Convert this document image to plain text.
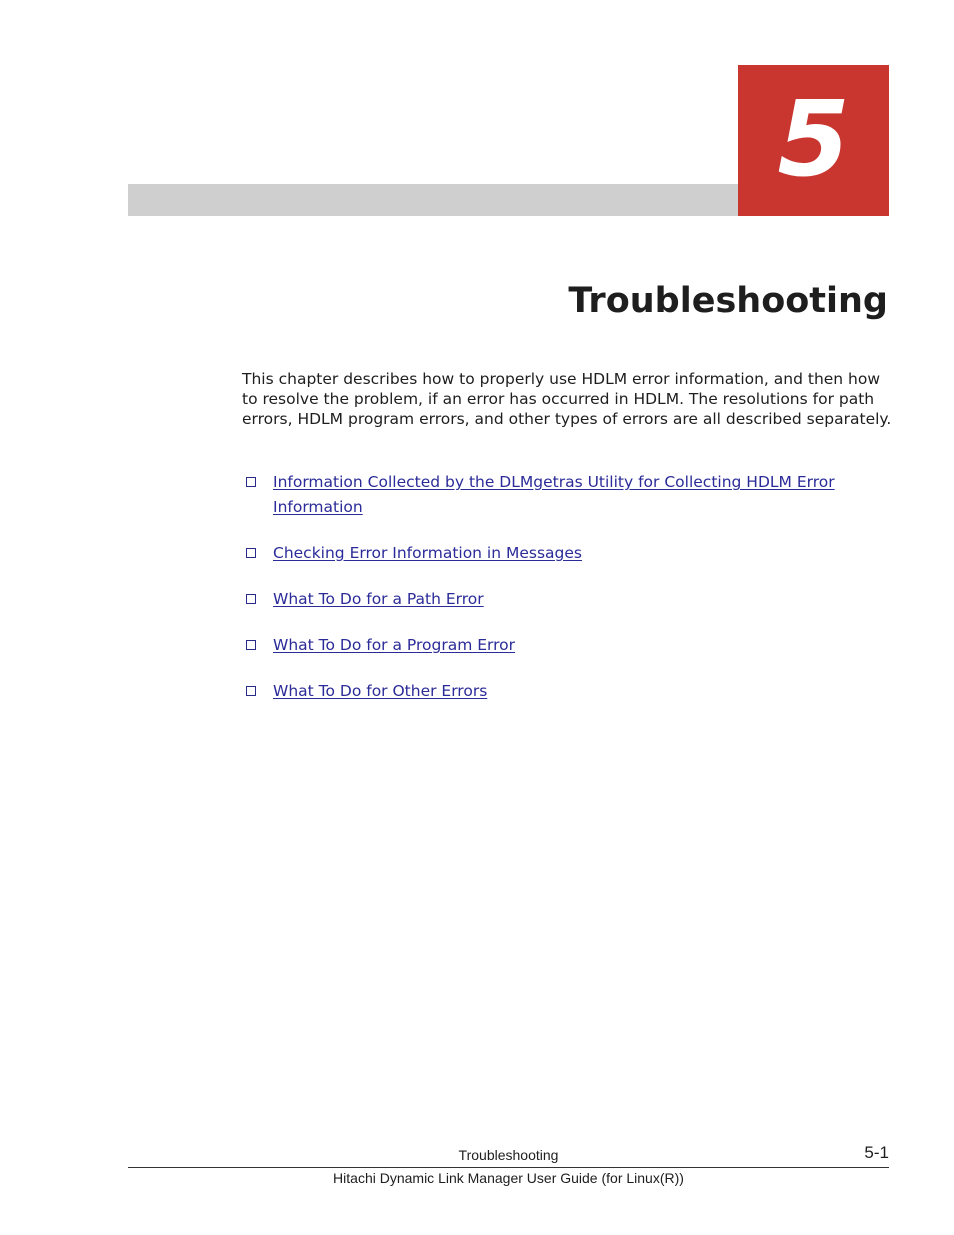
5
Troubleshooting

This chapter describes how to properly use HDLM error information, and then how to resolve the problem, if an error has occurred in HDLM. The resolutions for path errors, HDLM program errors, and other types of errors are all described separately.

Information Collected by the DLMgetras Utility for Collecting HDLM Error Information
Checking Error Information in Messages
What To Do for a Path Error
What To Do for a Program Error
What To Do for Other Errors
Troubleshooting	5-1
Hitachi Dynamic Link Manager User Guide (for Linux(R))
